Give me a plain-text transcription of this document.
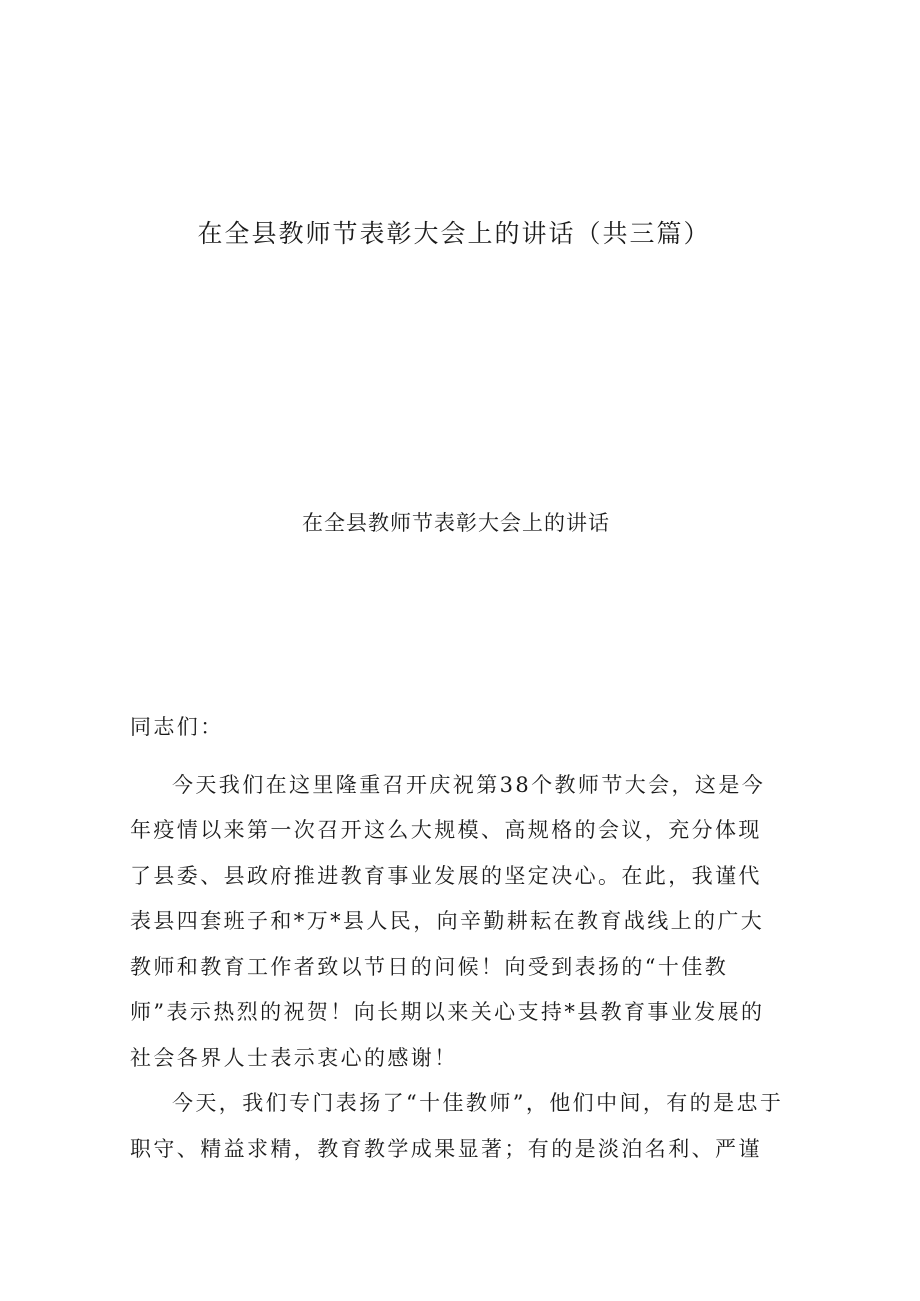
在全县教师节表彰大会上的讲话（共三篇）
在全县教师节表彰大会上的讲话

同志们：

今天我们在这里隆重召开庆祝第38个教师节大会，这是今年疫情以来第一次召开这么大规模、高规格的会议，充分体现了县委、县政府推进教育事业发展的坚定决心。在此，我谨代表县四套班子和*万*县人民，向辛勤耕耘在教育战线上的广大教师和教育工作者致以节日的问候！向受到表扬的“十佳教师”表示热烈的祝贺！向长期以来关心支持*县教育事业发展的社会各界人士表示衷心的感谢！

今天，我们专门表扬了“十佳教师”，他们中间，有的是忠于职守、精益求精，教育教学成果显著；有的是淡泊名利、严谨
